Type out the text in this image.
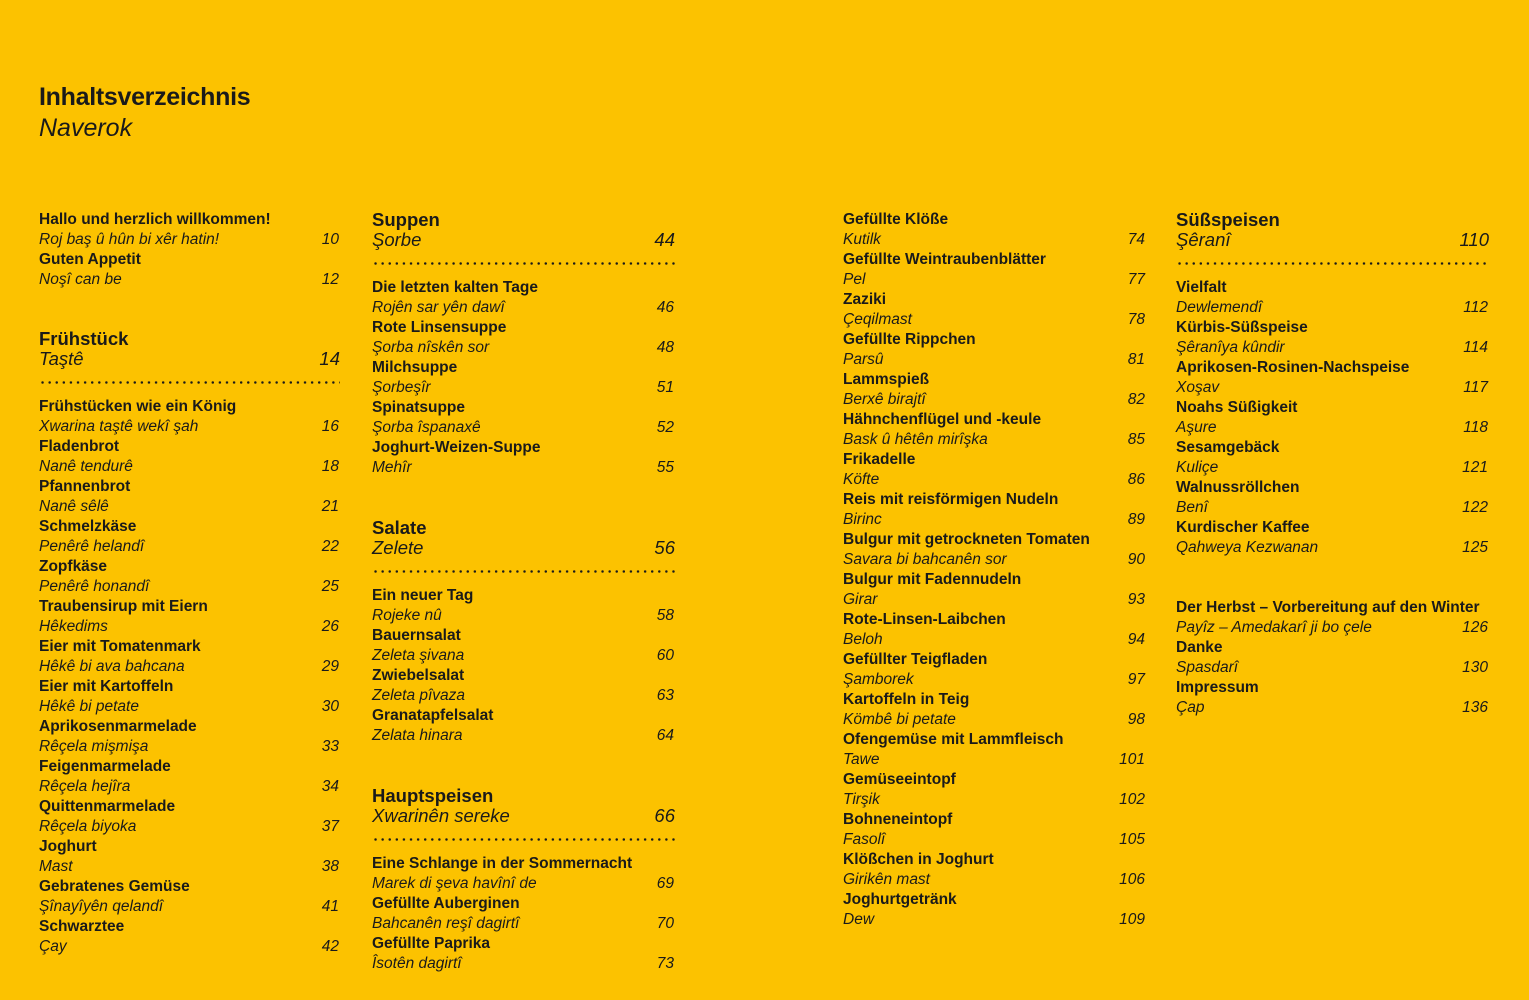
Inhaltsverzeichnis
Naverok
Hallo und herzlich willkommen!
Roj baş û hûn bi xêr hatin!	10
Guten Appetit
Noşî can be	12
Frühstück
Taştê	14
Frühstücken wie ein König
Xwarina taştê wekî şah	16
Fladenbrot
Nanê tendurê	18
Pfannenbrot
Nanê sêlê	21
Schmelzkäse
Penêrê helandî	22
Zopfkäse
Penêrê honandî	25
Traubensirup mit Eiern
Hêkedims	26
Eier mit Tomatenmark
Hêkê bi ava bahcana	29
Eier mit Kartoffeln
Hêkê bi petate	30
Aprikosenmarmelade
Rêçela mişmişa	33
Feigenmarmelade
Rêçela hejîra	34
Quittenmarmelade
Rêçela biyoka	37
Joghurt
Mast	38
Gebratenes Gemüse
Şînayîyên qelandî	41
Schwarztee
Çay	42
Suppen
Şorbe	44
Die letzten kalten Tage
Rojên sar yên dawî	46
Rote Linsensuppe
Şorba nîskên sor	48
Milchsuppe
Şorbeşîr	51
Spinatsuppe
Şorba îspanaxê	52
Joghurt-Weizen-Suppe
Mehîr	55
Salate
Zelete	56
Ein neuer Tag
Rojeke nû	58
Bauernsalat
Zeleta şivana	60
Zwiebelsalat
Zeleta pîvaza	63
Granatapfelsalat
Zelata hinara	64
Hauptspeisen
Xwarinên sereke	66
Eine Schlange in der Sommernacht
Marek di şeva havînî de	69
Gefüllte Auberginen
Bahcanên reşî dagirtî	70
Gefüllte Paprika
Îsotên dagirtî	73
Gefüllte Klöße
Kutilk	74
Gefüllte Weintraubenblätter
Pel	77
Zaziki
Çeqilmast	78
Gefüllte Rippchen
Parsû	81
Lammspieß
Berxê birajtî	82
Hähnchenflügel und -keule
Bask û hêtên mirîşka	85
Frikadelle
Köfte	86
Reis mit reisförmigen Nudeln
Birinc	89
Bulgur mit getrockneten Tomaten
Savara bi bahcanên sor	90
Bulgur mit Fadennudeln
Girar	93
Rote-Linsen-Laibchen
Beloh	94
Gefüllter Teigfladen
Şamborek	97
Kartoffeln in Teig
Kömbê bi petate	98
Ofengemüse mit Lammfleisch
Tawe	101
Gemüseeintopf
Tirşik	102
Bohneneintopf
Fasolî	105
Klößchen in Joghurt
Girikên mast	106
Joghurtgetränk
Dew	109
Süßspeisen
Şêranî	110
Vielfalt
Dewlemendî	112
Kürbis-Süßspeise
Şêranîya kûndir	114
Aprikosen-Rosinen-Nachspeise
Xoşav	117
Noahs Süßigkeit
Aşure	118
Sesamgebäck
Kuliçe	121
Walnussröllchen
Benî	122
Kurdischer Kaffee
Qahweya Kezwanan	125
Der Herbst – Vorbereitung auf den Winter
Payîz – Amedakarî ji bo çele	126
Danke
Spasdarî	130
Impressum
Çap	136
